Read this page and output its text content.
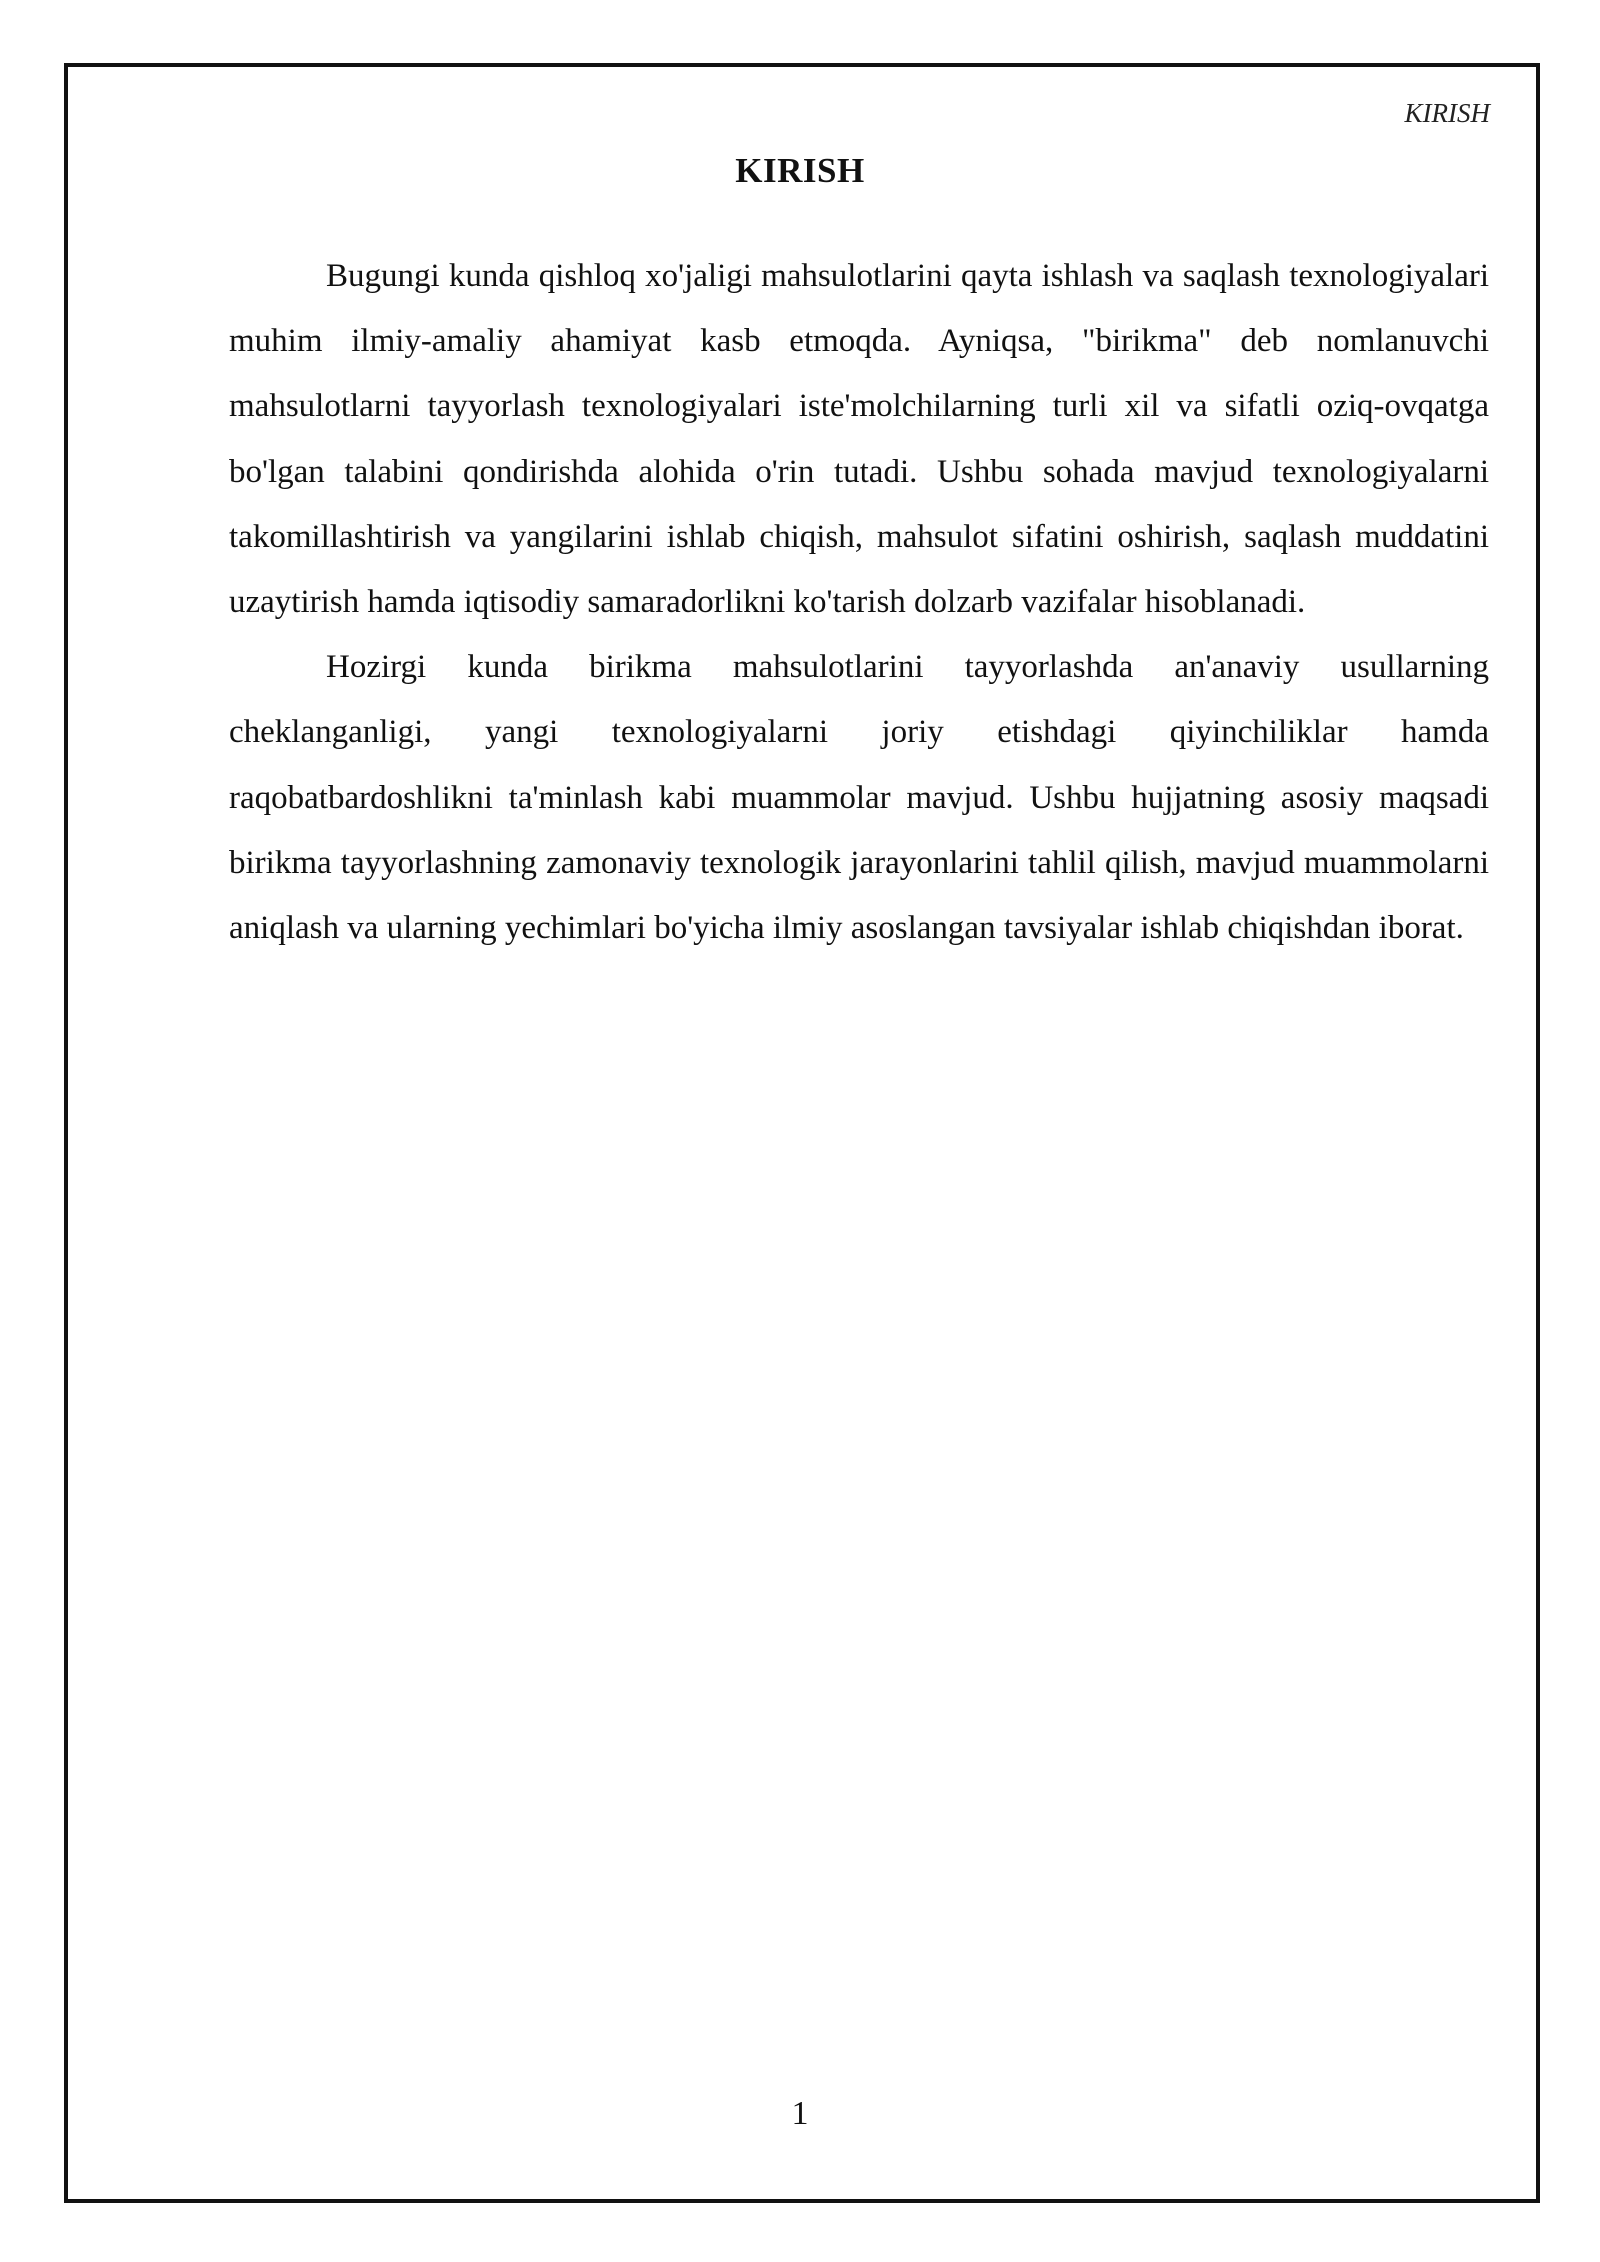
KIRISH
KIRISH

Bugungi kunda qishloq xo'jaligi mahsulotlarini qayta ishlash va saqlash texnologiyalari muhim ilmiy-amaliy ahamiyat kasb etmoqda. Ayniqsa, "birikma" deb nomlanuvchi mahsulotlarni tayyorlash texnologiyalari iste'molchilarning turli xil va sifatli oziq-ovqatga bo'lgan talabini qondirishda alohida o'rin tutadi. Ushbu sohada mavjud texnologiyalarni takomillashtirish va yangilarini ishlab chiqish, mahsulot sifatini oshirish, saqlash muddatini uzaytirish hamda iqtisodiy samaradorlikni ko'tarish dolzarb vazifalar hisoblanadi.

Hozirgi kunda birikma mahsulotlarini tayyorlashda an'anaviy usullarning cheklanganligi, yangi texnologiyalarni joriy etishdagi qiyinchiliklar hamda raqobatbardoshlikni ta'minlash kabi muammolar mavjud. Ushbu hujjatning asosiy maqsadi birikma tayyorlashning zamonaviy texnologik jarayonlarini tahlil qilish, mavjud muammolarni aniqlash va ularning yechimlari bo'yicha ilmiy asoslangan tavsiyalar ishlab chiqishdan iborat.

1
